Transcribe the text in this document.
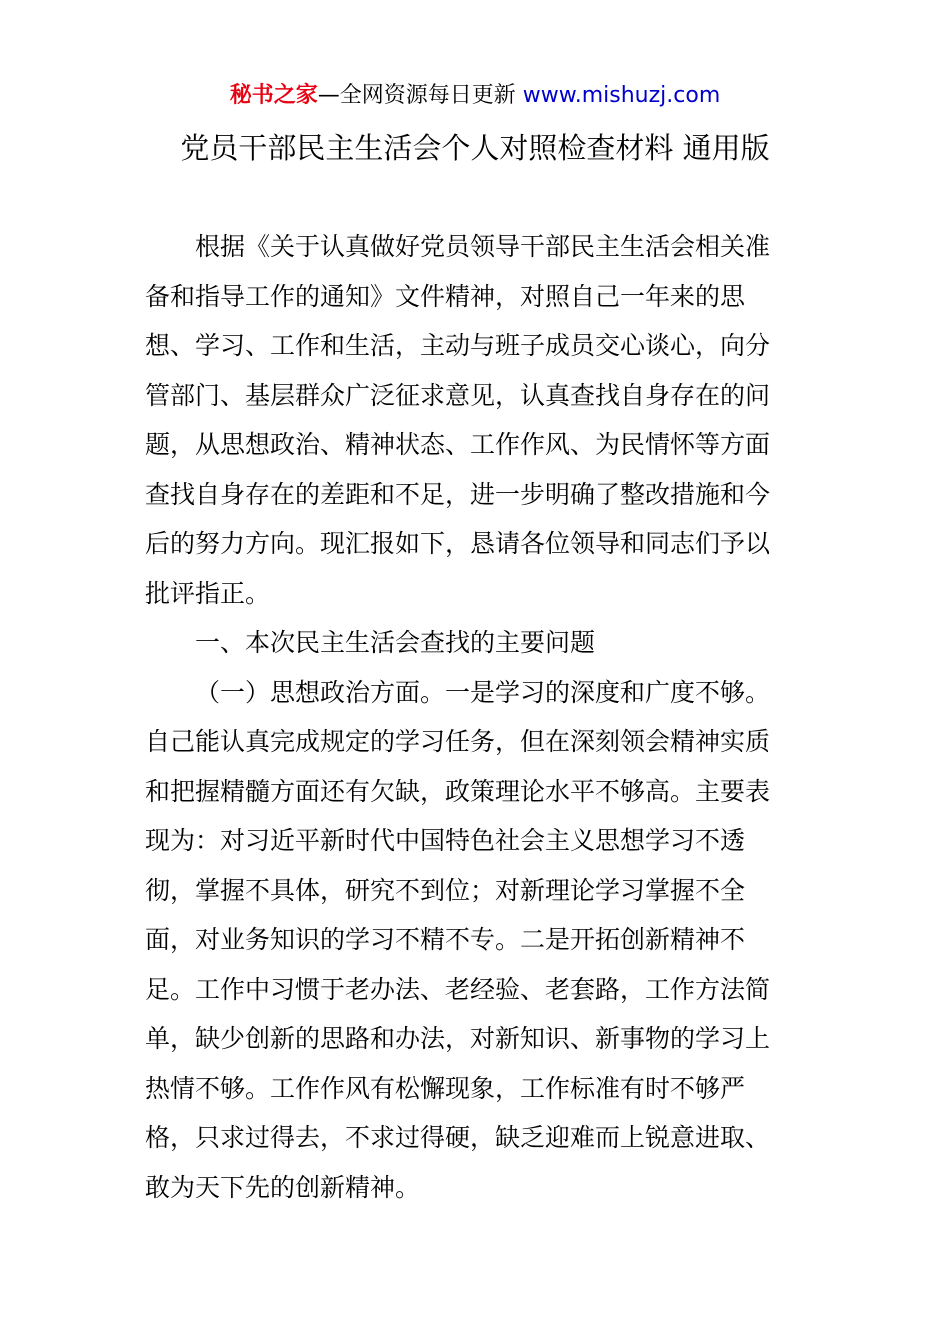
秘书之家—全网资源每日更新 www.mishuzj.com
党员干部民主生活会个人对照检查材料 通用版
根据《关于认真做好党员领导干部民主生活会相关准
备和指导工作的通知》文件精神，对照自己一年来的思
想、学习、工作和生活，主动与班子成员交心谈心，向分
管部门、基层群众广泛征求意见，认真查找自身存在的问
题，从思想政治、精神状态、工作作风、为民情怀等方面
查找自身存在的差距和不足，进一步明确了整改措施和今
后的努力方向。现汇报如下，恳请各位领导和同志们予以
批评指正。
一、本次民主生活会查找的主要问题
（一）思想政治方面。一是学习的深度和广度不够。
自己能认真完成规定的学习任务，但在深刻领会精神实质
和把握精髓方面还有欠缺，政策理论水平不够高。主要表
现为：对习近平新时代中国特色社会主义思想学习不透
彻，掌握不具体，研究不到位；对新理论学习掌握不全
面，对业务知识的学习不精不专。二是开拓创新精神不
足。工作中习惯于老办法、老经验、老套路，工作方法简
单，缺少创新的思路和办法，对新知识、新事物的学习上
热情不够。工作作风有松懈现象，工作标准有时不够严
格，只求过得去，不求过得硬，缺乏迎难而上锐意进取、
敢为天下先的创新精神。
